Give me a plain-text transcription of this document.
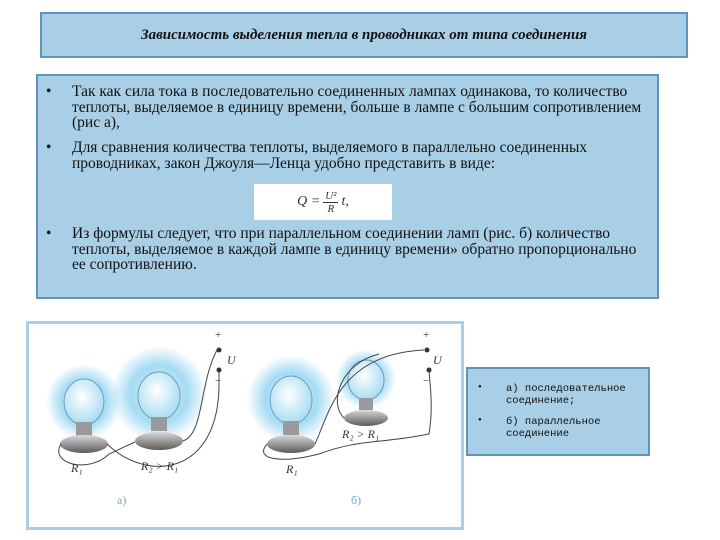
Зависимость выделения тепла в проводниках от типа соединения
• Так как сила тока в последовательно соединенных лампах одинакова, то количество теплоты, выделяемое в единицу времени, больше в лампе с большим сопротивлением (рис а),
• Для сравнения количества теплоты, выделяемого в параллельно соединенных проводниках, закон Джоуля—Ленца удобно представить в виде:
$Q = \frac{\text{U²}}{R} t$,
• Из формулы следует, что при параллельном соединении ламп (рис. б) количество теплоты, выделяемое в каждой лампе в единицу времени» обратно пропорционально ее сопротивлению.
+
U
−
+
U
−
R₁	R₂ > R₁	R₁
R₂ > R₁
а)	б)
• а) последовательное соединение;
• б) параллельное соединение
